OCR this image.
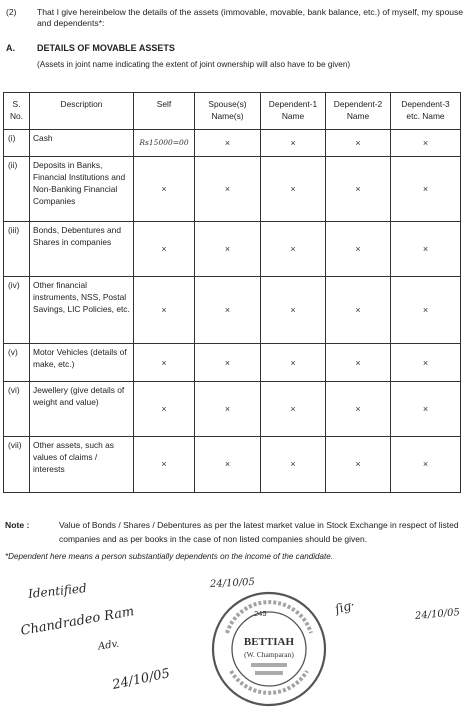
(2) That I give hereinbelow the details of the assets (immovable, movable, bank balance, etc.) of myself, my spouse and dependents*:
A. DETAILS OF MOVABLE ASSETS
(Assets in joint name indicating the extent of joint ownership will also have to be given)
S. No.	Description	Self	Spouse(s) Name(s)	Dependent-1 Name	Dependent-2 Name	Dependent-3 etc. Name
(i)	Cash	Rs15000=00	×	×	×	×
(ii)	Deposits in Banks, Financial Institutions and Non-Banking Financial Companies	×	×	×	×	×
(iii)	Bonds, Debentures and Shares in companies	×	×	×	×	×
(iv)	Other financial instruments, NSS, Postal Savings, LIC Policies, etc.	×	×	×	×	×
(v)	Motor Vehicles (details of make, etc.)	×	×	×	×	×
(vi)	Jewellery (give details of weight and value)	×	×	×	×	×
(vii)	Other assets, such as values of claims / interests	×	×	×	×	×
Note :	Value of Bonds / Shares / Debentures as per the latest market value in Stock Exchange in respect of listed companies and as per books in the case of non listed companies should be given.
*Dependent here means a person substantially dependents on the income of the candidate.
Identified
Chandradeo Ram
Adv.
24/10/05
24/10/05
24/10/05
ſiɡ·
245
BETTIAH
(W. Champaran)
